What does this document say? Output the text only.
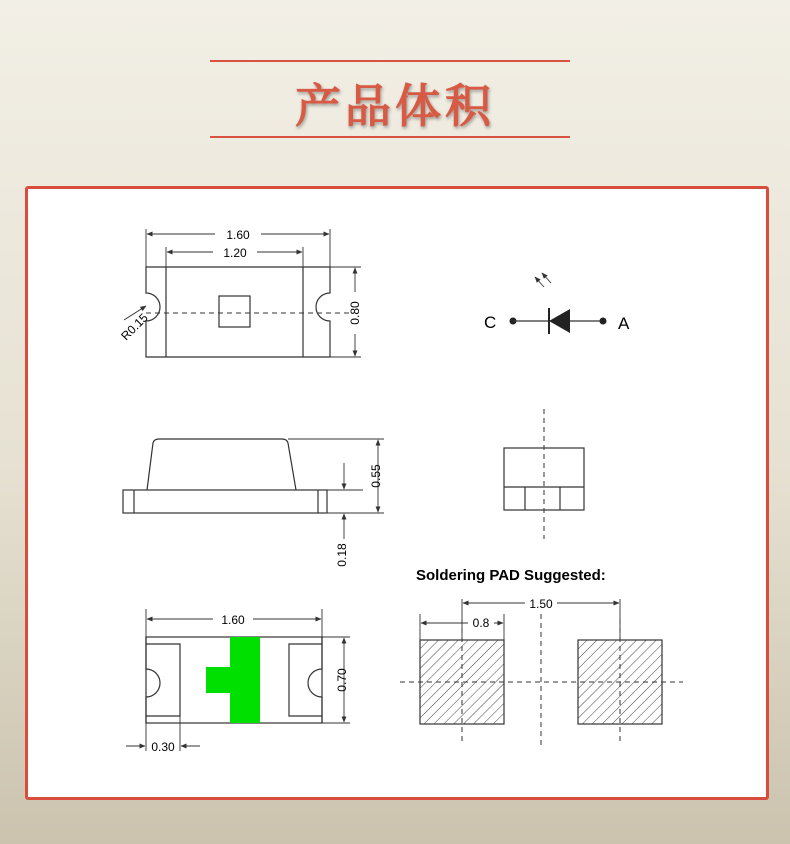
产品体积
1.60
1.20
0.80
R0.15	C	A
0.55
0.18
1.60
0.70
0.30
Soldering PAD Suggested:
1.50
0.8
